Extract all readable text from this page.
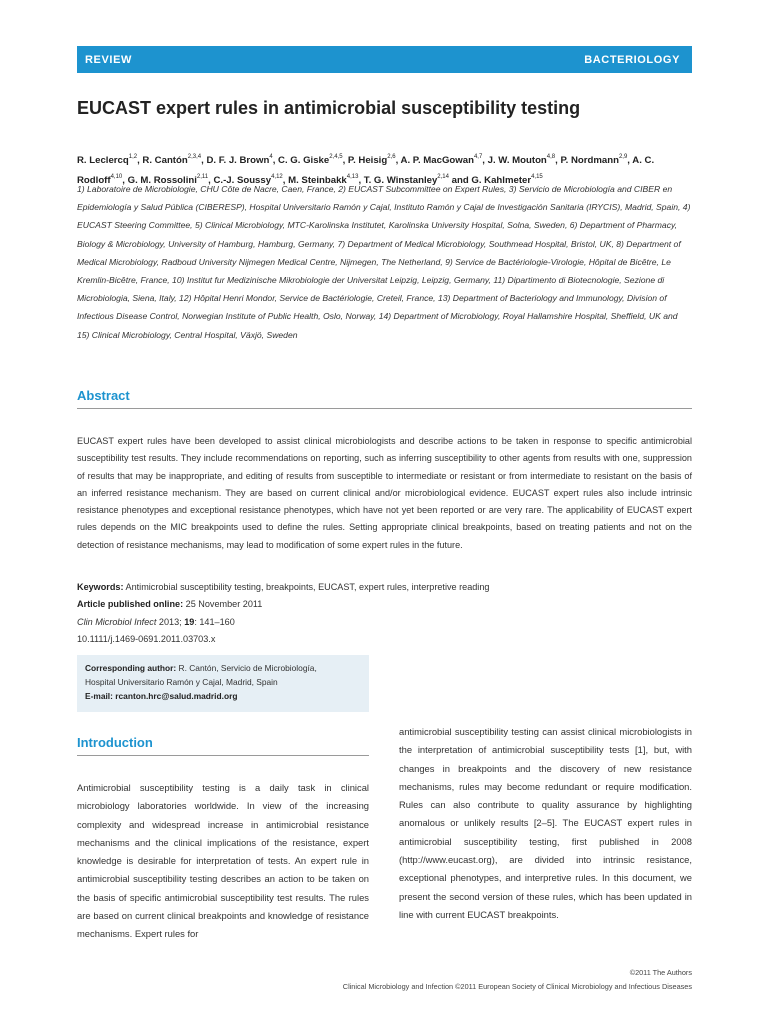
REVIEW	BACTERIOLOGY
EUCAST expert rules in antimicrobial susceptibility testing
R. Leclercq$^{1,2}$, R. Cantón$^{2,3,4}$, D. F. J. Brown$^4$, C. G. Giske$^{2,4,5}$, P. Heisig$^{2,6}$, A. P. MacGowan$^{4,7}$, J. W. Mouton$^{4,8}$, P. Nordmann$^{2,9}$, A. C. Rodloff$^{4,10}$, G. M. Rossolini$^{2,11}$, C.-J. Soussy$^{4,12}$, M. Steinbakk$^{4,13}$, T. G. Winstanley$^{2,14}$ and G. Kahlmeter$^{4,15}$
1) Laboratoire de Microbiologie, CHU Côte de Nacre, Caen, France, 2) EUCAST Subcommittee on Expert Rules, 3) Servicio de Microbiología and CIBER en Epidemiología y Salud Pública (CIBERESP), Hospital Universitario Ramón y Cajal, Instituto Ramón y Cajal de Investigación Sanitaria (IRYCIS), Madrid, Spain, 4) EUCAST Steering Committee, 5) Clinical Microbiology, MTC-Karolinska Institutet, Karolinska University Hospital, Solna, Sweden, 6) Department of Pharmacy, Biology & Microbiology, University of Hamburg, Hamburg, Germany, 7) Department of Medical Microbiology, Southmead Hospital, Bristol, UK, 8) Department of Medical Microbiology, Radboud University Nijmegen Medical Centre, Nijmegen, The Netherland, 9) Service de Bactériologie-Virologie, Hôpital de Bicêtre, Le Kremlin-Bicêtre, France, 10) Institut fur Medizinische Mikrobiologie der Universitat Leipzig, Leipzig, Germany, 11) Dipartimento di Biotecnologie, Sezione di Microbiologia, Siena, Italy, 12) Hôpital Henri Mondor, Service de Bactériologie, Creteil, France, 13) Department of Bacteriology and Immunology, Division of Infectious Disease Control, Norwegian Institute of Public Health, Oslo, Norway, 14) Department of Microbiology, Royal Hallamshire Hospital, Sheffield, UK and 15) Clinical Microbiology, Central Hospital, Växjö, Sweden
Abstract
EUCAST expert rules have been developed to assist clinical microbiologists and describe actions to be taken in response to specific antimicrobial susceptibility test results. They include recommendations on reporting, such as inferring susceptibility to other agents from results with one, suppression of results that may be inappropriate, and editing of results from susceptible to intermediate or resistant or from intermediate to resistant on the basis of an inferred resistance mechanism. They are based on current clinical and/or microbiological evidence. EUCAST expert rules also include intrinsic resistance phenotypes and exceptional resistance phenotypes, which have not yet been reported or are very rare. The applicability of EUCAST expert rules depends on the MIC breakpoints used to define the rules. Setting appropriate clinical breakpoints, based on treating patients and not on the detection of resistance mechanisms, may lead to modification of some expert rules in the future.
Keywords: Antimicrobial susceptibility testing, breakpoints, EUCAST, expert rules, interpretive reading
Article published online: 25 November 2011
Clin Microbiol Infect 2013; 19: 141–160
10.1111/j.1469-0691.2011.03703.x
Corresponding author: R. Cantón, Servicio de Microbiología,
Hospital Universitario Ramón y Cajal, Madrid, Spain
E-mail: rcanton.hrc@salud.madrid.org
Introduction
Antimicrobial susceptibility testing is a daily task in clinical microbiology laboratories worldwide. In view of the increasing complexity and widespread increase in antimicrobial resistance mechanisms and the clinical implications of the resistance, expert knowledge is desirable for interpretation of tests. An expert rule in antimicrobial susceptibility testing describes an action to be taken on the basis of specific antimicrobial susceptibility test results. The rules are based on current clinical breakpoints and knowledge of resistance mechanisms. Expert rules for
antimicrobial susceptibility testing can assist clinical microbiologists in the interpretation of antimicrobial susceptibility tests [1], but, with changes in breakpoints and the discovery of new resistance mechanisms, rules may become redundant or require modification. Rules can also contribute to quality assurance by highlighting anomalous or unlikely results [2–5]. The EUCAST expert rules in antimicrobial susceptibility testing, first published in 2008 (http://www.eucast.org), are divided into intrinsic resistance, exceptional phenotypes, and interpretive rules. In this document, we present the second version of these rules, which has been updated in line with current EUCAST breakpoints.
©2011 The Authors
Clinical Microbiology and Infection ©2011 European Society of Clinical Microbiology and Infectious Diseases
